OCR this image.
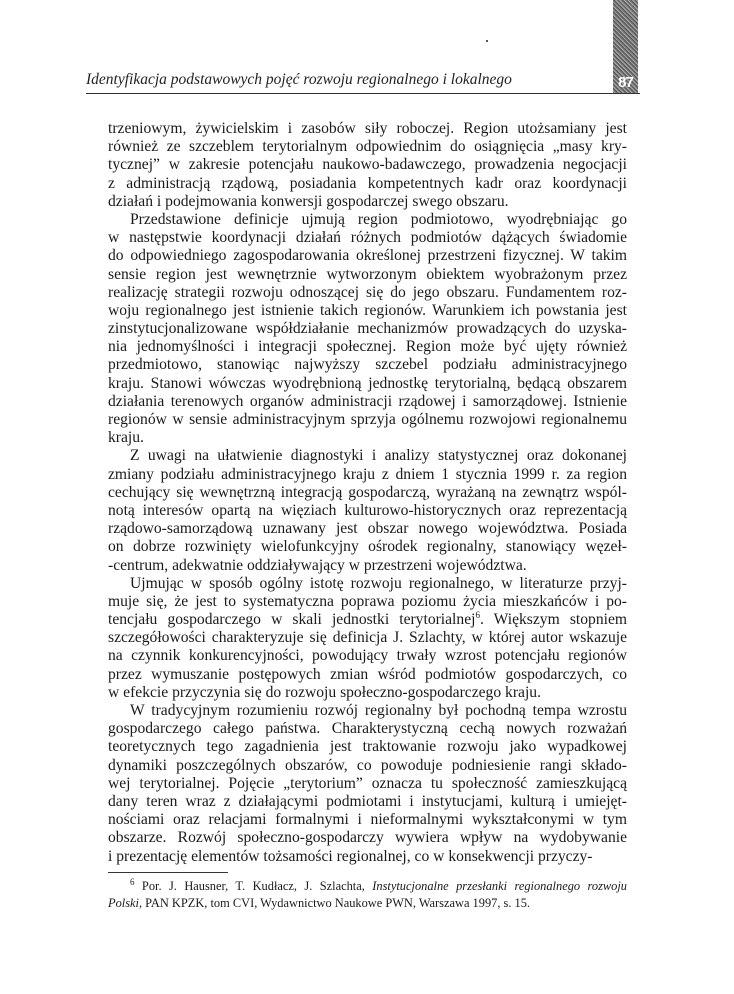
Identyfikacja podstawowych pojęć rozwoju regionalnego i lokalnego	87
trzeniowym, żywicielskim i zasobów siły roboczej. Region utożsamiany jest
również ze szczeblem terytorialnym odpowiednim do osiągnięcia „masy kry-
tycznej” w zakresie potencjału naukowo-badawczego, prowadzenia negocjacji
z administracją rządową, posiadania kompetentnych kadr oraz koordynacji
działań i podejmowania konwersji gospodarczej swego obszaru.
Przedstawione definicje ujmują region podmiotowo, wyodrębniając go
w następstwie koordynacji działań różnych podmiotów dążących świadomie
do odpowiedniego zagospodarowania określonej przestrzeni fizycznej. W takim
sensie region jest wewnętrznie wytworzonym obiektem wyobrażonym przez
realizację strategii rozwoju odnoszącej się do jego obszaru. Fundamentem roz-
woju regionalnego jest istnienie takich regionów. Warunkiem ich powstania jest
zinstytucjonalizowane współdziałanie mechanizmów prowadzących do uzyska-
nia jednomyślności i integracji społecznej. Region może być ujęty również
przedmiotowo, stanowiąc najwyższy szczebel podziału administracyjnego
kraju. Stanowi wówczas wyodrębnioną jednostkę terytorialną, będącą obszarem
działania terenowych organów administracji rządowej i samorządowej. Istnienie
regionów w sensie administracyjnym sprzyja ogólnemu rozwojowi regionalnemu
kraju.
Z uwagi na ułatwienie diagnostyki i analizy statystycznej oraz dokonanej
zmiany podziału administracyjnego kraju z dniem 1 stycznia 1999 r. za region
cechujący się wewnętrzną integracją gospodarczą, wyrażaną na zewnątrz wspól-
notą interesów opartą na więziach kulturowo-historycznych oraz reprezentacją
rządowo-samorządową uznawany jest obszar nowego województwa. Posiada
on dobrze rozwinięty wielofunkcyjny ośrodek regionalny, stanowiący węzeł-
-centrum, adekwatnie oddziaływający w przestrzeni województwa.
Ujmując w sposób ogólny istotę rozwoju regionalnego, w literaturze przyj-
muje się, że jest to systematyczna poprawa poziomu życia mieszkańców i po-
tencjału gospodarczego w skali jednostki terytorialnej$^6$. Większym stopniem
szczegółowości charakteryzuje się definicja J. Szlachty, w której autor wskazuje
na czynnik konkurencyjności, powodujący trwały wzrost potencjału regionów
przez wymuszanie postępowych zmian wśród podmiotów gospodarczych, co
w efekcie przyczynia się do rozwoju społeczno-gospodarczego kraju.
W tradycyjnym rozumieniu rozwój regionalny był pochodną tempa wzrostu
gospodarczego całego państwa. Charakterystyczną cechą nowych rozważań
teoretycznych tego zagadnienia jest traktowanie rozwoju jako wypadkowej
dynamiki poszczególnych obszarów, co powoduje podniesienie rangi składo-
wej terytorialnej. Pojęcie „terytorium” oznacza tu społeczność zamieszkującą
dany teren wraz z działającymi podmiotami i instytucjami, kulturą i umiejęt-
nościami oraz relacjami formalnymi i nieformalnymi wykształconymi w tym
obszarze. Rozwój społeczno-gospodarczy wywiera wpływ na wydobywanie
i prezentację elementów tożsamości regionalnej, co w konsekwencji przyczy-
$^6$ Por. J. Hausner, T. Kudłacz, J. Szlachta, Instytucjonalne przesłanki regionalnego rozwoju
Polski, PAN KPZK, tom CVI, Wydawnictwo Naukowe PWN, Warszawa 1997, s. 15.
